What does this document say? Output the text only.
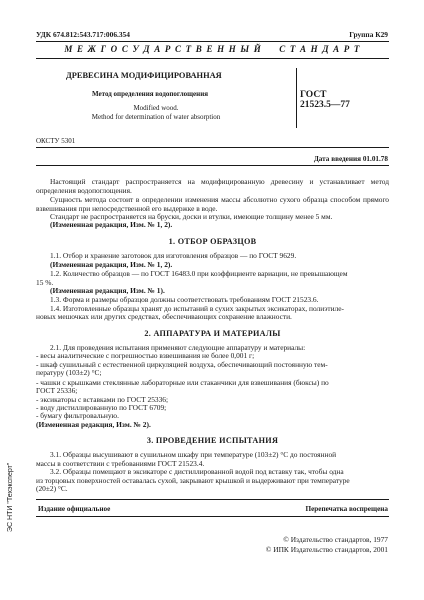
УДК 674.812:543.717:006.354	Группа К29
М Е Ж Г О С У Д А Р С Т В Е Н Н Ы Й     С Т А Н Д А Р Т
ДРЕВЕСИНА МОДИФИЦИРОВАННАЯ
Метод определения водопоглощения
Modified wood.
Method for determination of water absorption
ГОСТ
21523.5—77
ОКСТУ 5301
Дата введения 01.01.78
Настоящий стандарт распространяется на модифицированную древесину и устанавливает метод определения водопоглощения.
Сущность метода состоит в определении изменения массы абсолютно сухого образца способом прямого взвешивания при непосредственной его выдержке в воде.
Стандарт не распространяется на бруски, доски и втулки, имеющие толщину менее 5 мм.
(Измененная редакция, Изм. № 1, 2).
1. ОТБОР ОБРАЗЦОВ
1.1. Отбор и хранение заготовок для изготовления образцов — по ГОСТ 9629.
(Измененная редакция, Изм. № 1, 2).
1.2. Количество образцов — по ГОСТ 16483.0 при коэффициенте вариации, не превышающем
15 %.
(Измененная редакция, Изм. № 1).
1.3. Форма и размеры образцов должны соответствовать требованиям ГОСТ 21523.6.
1.4. Изготовленные образцы хранят до испытаний в сухих закрытых эксикаторах, полиэтиле-
новых мешочках или других средствах, обеспечивающих сохранение влажности.
2. АППАРАТУРА И МАТЕРИАЛЫ
2.1. Для проведения испытания применяют следующие аппаратуру и материалы:
- весы аналитические с погрешностью взвешивания не более 0,001 г;
- шкаф сушильный с естественной циркуляцией воздуха, обеспечивающий постоянную тем-
пературу (103±2) °С;
- чашки с крышками стеклянные лабораторные или стаканчики для взвешивания (бюксы) по
ГОСТ 25336;
- эксикаторы с вставками по ГОСТ 25336;
- воду дистиллированную по ГОСТ 6709;
- бумагу фильтровальную.
(Измененная редакция, Изм. № 2).
3. ПРОВЕДЕНИЕ ИСПЫТАНИЯ
3.1. Образцы высушивают в сушильном шкафу при температуре (103±2) °С до постоянной
массы в соответствии с требованиями ГОСТ 21523.4.
3.2. Образцы помещают в эксикаторе с дистиллированной водой под вставку так, чтобы одна
из торцовых поверхностей оставалась сухой, закрывают крышкой и выдерживают при температуре
(20±2) °С.
Издание официальное	Перепечатка воспрещена
© Издательство стандартов, 1977
© ИПК Издательство стандартов, 2001
ЭС НТИ "Техэксперт"
